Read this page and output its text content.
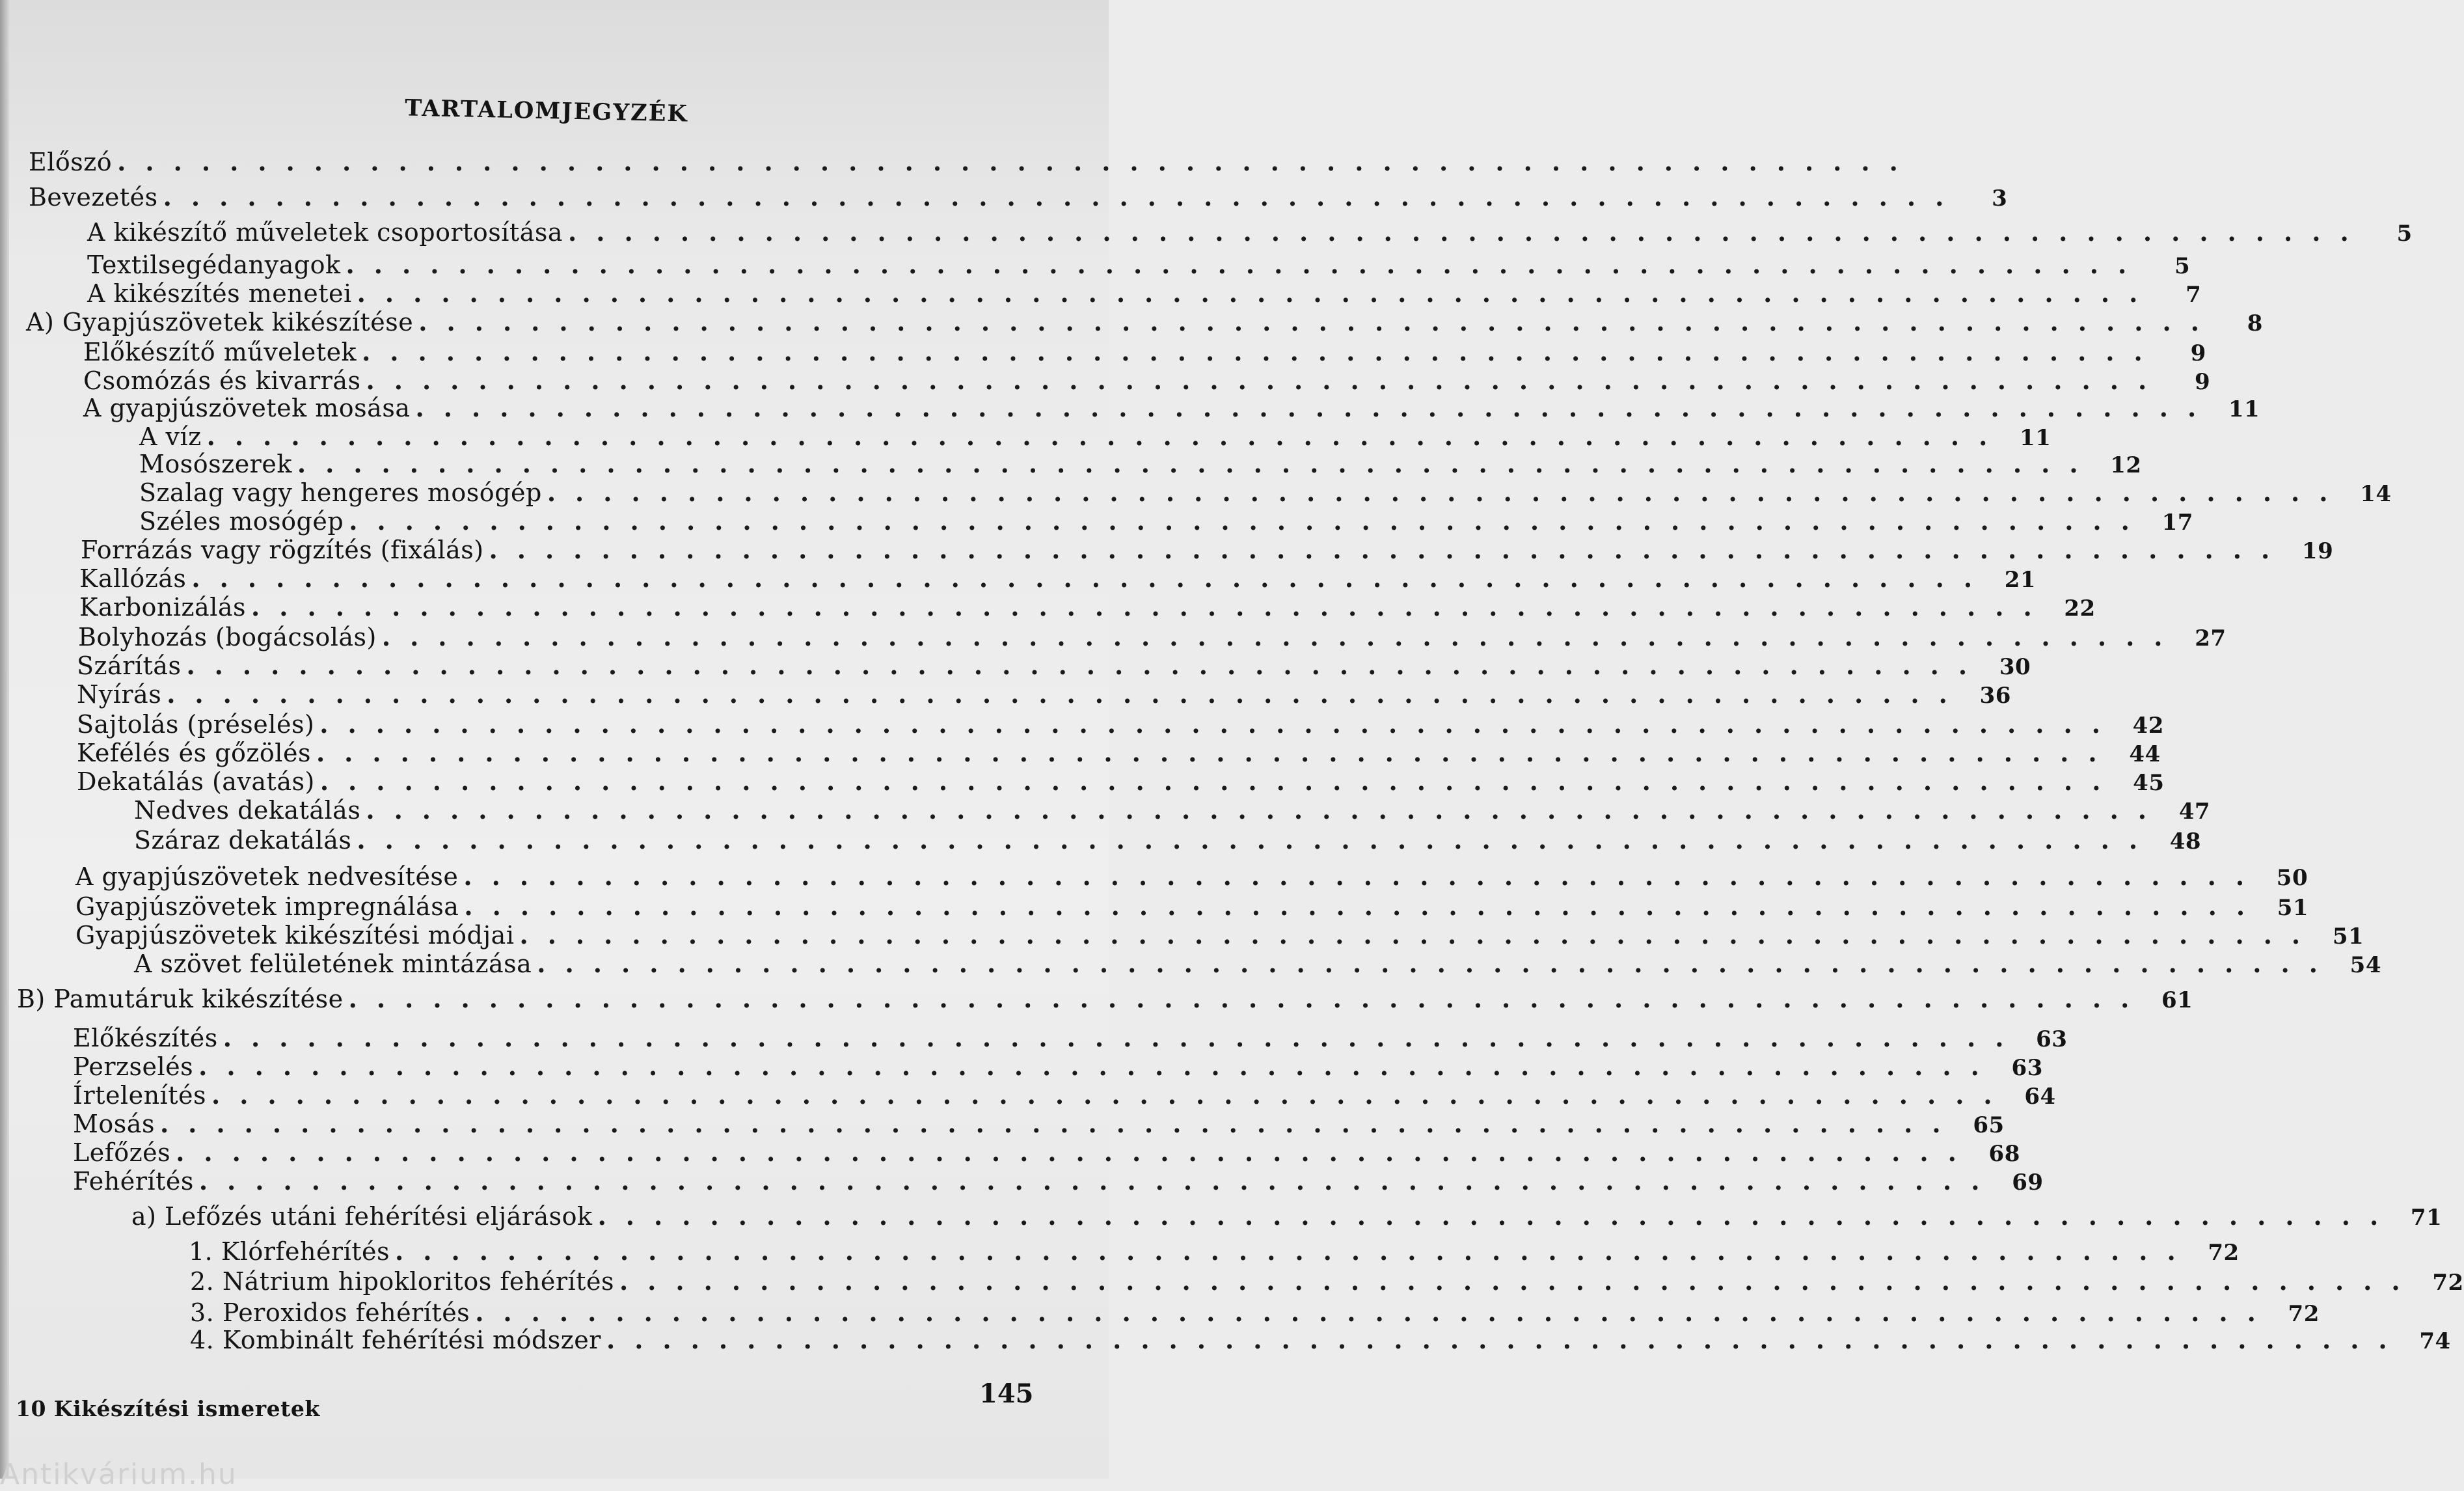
TARTALOMJEGYZÉK
Előszó ................................................................
Bevezetés ................................................................	3
A kikészítő műveletek csoportosítása ................................................................	5
Textilsegédanyagok ................................................................	5
A kikészítés menetei ................................................................	7
A) Gyapjúszövetek kikészítése ................................................................	8
Előkészítő műveletek ................................................................	9
Csomózás és kivarrás ................................................................	9
A gyapjúszövetek mosása ................................................................ 11
A víz ................................................................ 11
Mosószerek ................................................................ 12
Szalag vagy hengeres mosógép ................................................................ 14
Széles mosógép ................................................................ 17
Forrázás vagy rögzítés (fixálás) ................................................................ 19
Kallózás ................................................................ 21
Karbonizálás ................................................................ 22
Bolyhozás (bogácsolás) ................................................................ 27
Szárítás ................................................................ 30
Nyírás ................................................................ 36
Sajtolás (préselés) ................................................................ 42
Kefélés és gőzölés ................................................................ 44
Dekatálás (avatás) ................................................................ 45
Nedves dekatálás ................................................................ 47
Száraz dekatálás ................................................................ 48
A gyapjúszövetek nedvesítése ................................................................ 50
Gyapjúszövetek impregnálása ................................................................ 51
Gyapjúszövetek kikészítési módjai ................................................................ 51
A szövet felületének mintázása ................................................................ 54
B) Pamutáruk kikészítése ................................................................ 61
Előkészítés ................................................................ 63
Perzselés ................................................................ 63
Írtelenítés ................................................................ 64
Mosás ................................................................ 65
Lefőzés ................................................................ 68
Fehérítés ................................................................ 69
a) Lefőzés utáni fehérítési eljárások ................................................................ 71
1. Klórfehérítés ................................................................ 72
2. Nátrium hipokloritos fehérítés ................................................................ 72
3. Peroxidos fehérítés ................................................................ 72
4. Kombinált fehérítési módszer ................................................................ 74
10 Kikészítési ismeretek	145
Antikvárium.hu
